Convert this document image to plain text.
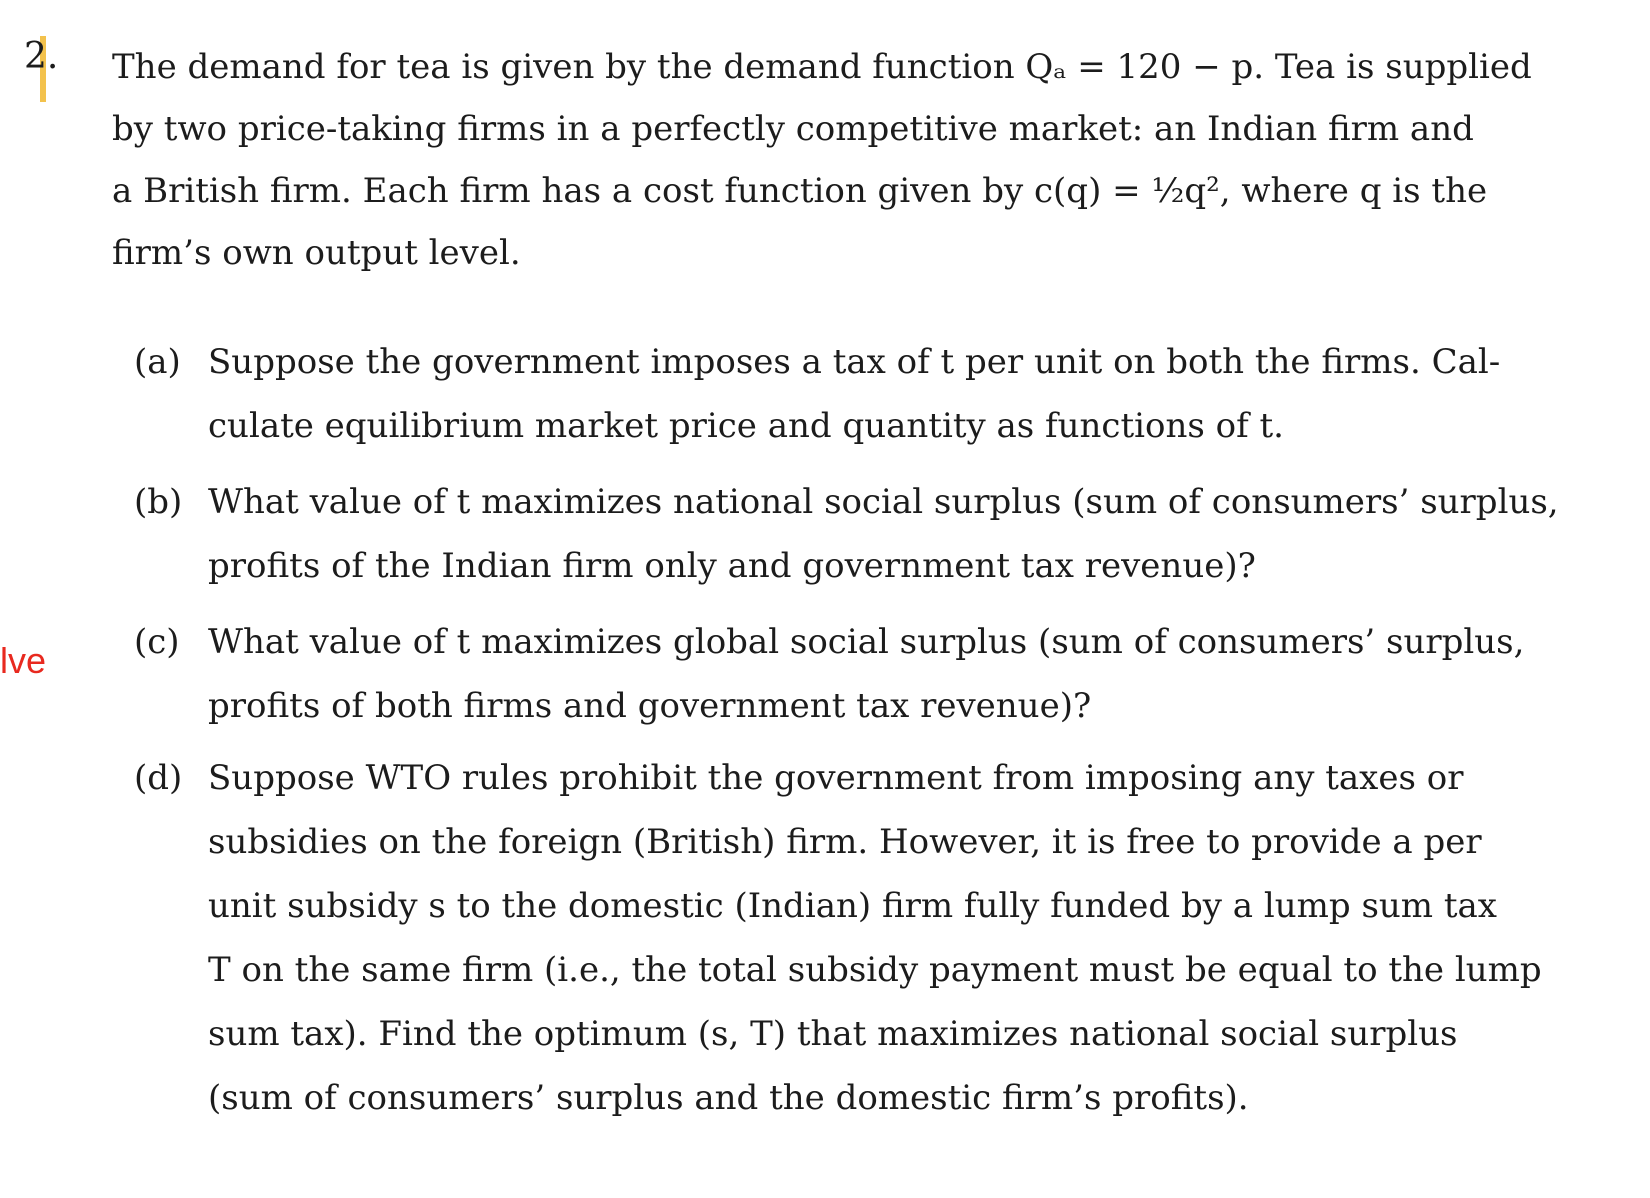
lve
2. The demand for tea is given by the demand function Qₐ = 120 − p. Tea is supplied
by two price-taking firms in a perfectly competitive market: an Indian firm and
a British firm. Each firm has a cost function given by c(q) = ½q², where q is the
firm’s own output level.
(a) Suppose the government imposes a tax of t per unit on both the firms. Cal-
culate equilibrium market price and quantity as functions of t.
(b) What value of t maximizes national social surplus (sum of consumers’ surplus,
profits of the Indian firm only and government tax revenue)?
(c) What value of t maximizes global social surplus (sum of consumers’ surplus,
profits of both firms and government tax revenue)?
(d) Suppose WTO rules prohibit the government from imposing any taxes or
subsidies on the foreign (British) firm. However, it is free to provide a per
unit subsidy s to the domestic (Indian) firm fully funded by a lump sum tax
T on the same firm (i.e., the total subsidy payment must be equal to the lump
sum tax). Find the optimum (s, T) that maximizes national social surplus
(sum of consumers’ surplus and the domestic firm’s profits).
